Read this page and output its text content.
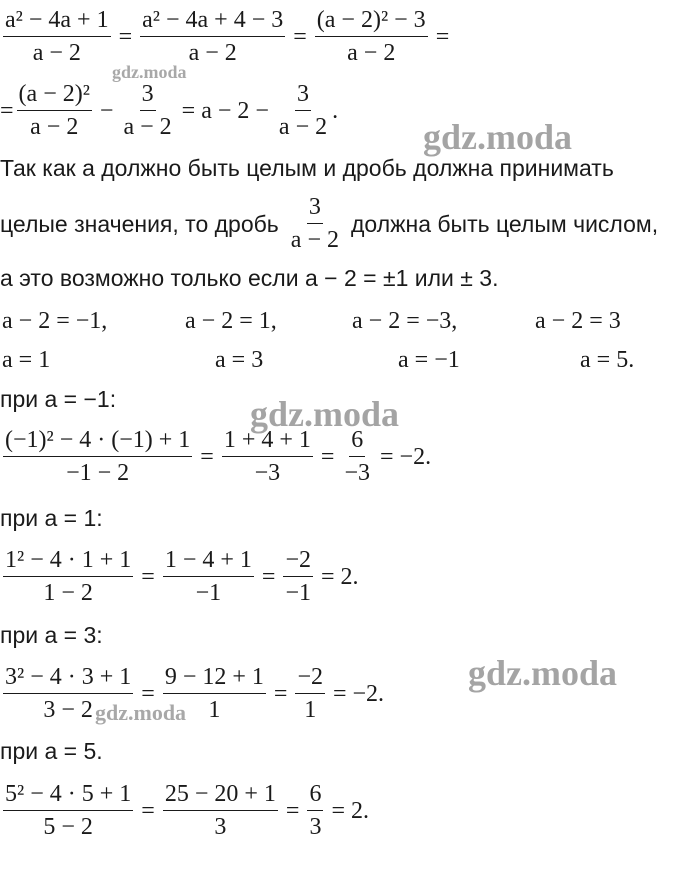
$\frac{\text{a² − 4a + 1}}{a - 2} = \frac{\text{a² − 4a + 4 − 3}}{a - 2} = \frac{\text{(a − 2)² − 3}}{a - 2}$ =
= $\frac{\text{(a − 2)²}}{a - 2} - \frac{3}{a - 2} = a - 2 - \frac{3}{a - 2}$ .
Так как a должно быть целым и дробь должна принимать
целые значения, то дробь $\frac{3}{a - 2}$ должна быть целым числом,
а это возможно только если a − 2 = ±1 или ± 3.
a − 2 = −1,	a − 2 = 1,	a − 2 = −3,	a − 2 = 3
a = 1	a = 3	a = −1	a = 5.
при a = −1:
$\frac{\text{(−1)² − 4 · (−1) + 1}}{-1 - 2} = \frac{1 + 4 + 1}{-3} = \frac{6}{-3} = -2$.
при a = 1:
$\frac{\text{1² − 4 · 1 + 1}}{1 - 2} = \frac{1 - 4 + 1}{-1} = \frac{-2}{-1} = 2$.
при a = 3:
$\frac{\text{3² − 4 · 3 + 1}}{3 - 2} = \frac{9 - 12 + 1}{1} = \frac{-2}{1} = -2$.
при a = 5.
$\frac{\text{5² − 4 · 5 + 1}}{5 - 2} = \frac{25 - 20 + 1}{3} = \frac{6}{3} = 2$.
gdz.moda
gdz.moda
gdz.moda
gdz.moda
gdz.moda
